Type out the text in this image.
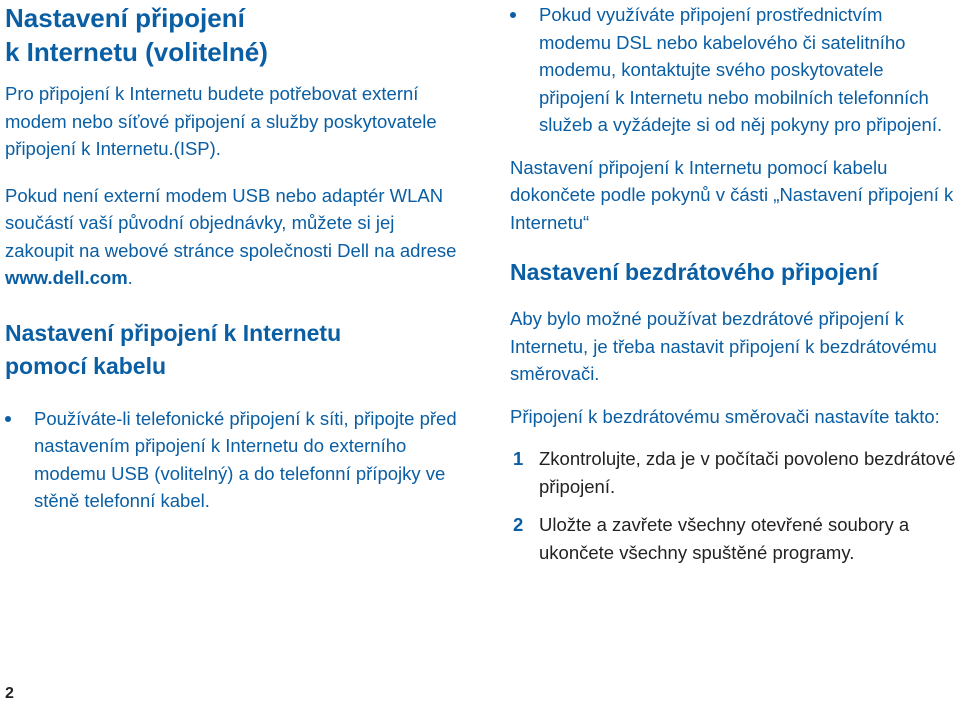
Nastavení připojení

k Internetu (volitelné)

Pro připojení k Internetu budete potřebovat externí modem nebo síťové připojení a služby poskytovatele připojení k Internetu.(ISP).

Pokud není externí modem USB nebo adaptér WLAN součástí vaší původní objednávky, můžete si jej zakoupit na webové stránce společnosti Dell na adrese www.dell.com.

Nastavení připojení k Internetu

pomocí kabelu

Používáte-li telefonické připojení k síti, připojte před nastavením připojení k Internetu do externího modemu USB (volitelný) a do telefonní přípojky ve stěně telefonní kabel.

Pokud využíváte připojení prostřednictvím modemu DSL nebo kabelového či satelitního modemu, kontaktujte svého poskytovatele připojení k Internetu nebo mobilních telefonních služeb a vyžádejte si od něj pokyny pro připojení.

Nastavení připojení k Internetu pomocí kabelu dokončete podle pokynů v části „Nastavení připojení k Internetu“

Nastavení bezdrátového připojení

Aby bylo možné používat bezdrátové připojení k Internetu, je třeba nastavit připojení k bezdrátovému směrovači.

Připojení k bezdrátovému směrovači nastavíte takto:

1 Zkontrolujte, zda je v počítači povoleno bezdrátové připojení.
2 Uložte a zavřete všechny otevřené soubory a ukončete všechny spuštěné programy.
2
